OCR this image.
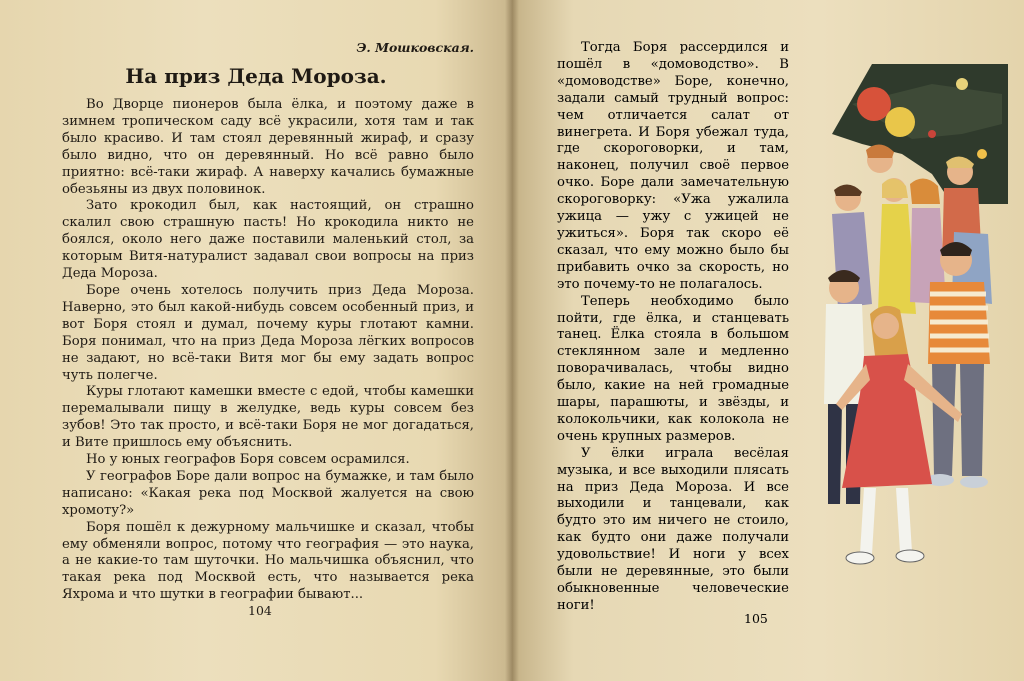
Э. Мошковская.
На приз Деда Мороза.

Во Дворце пионеров была ёлка, и поэтому даже в зимнем тропическом саду всё украсили, хотя там и так было красиво. И там стоял деревянный жираф, и сразу было видно, что он деревянный. Но всё равно было приятно: всё-таки жираф. А наверху качались бумажные обезьяны из двух половинок.

Зато крокодил был, как настоящий, он страшно скалил свою страшную пасть! Но крокодила никто не боялся, около него даже поставили маленький стол, за которым Витя-натуралист задавал свои вопросы на приз Деда Мороза.

Боре очень хотелось получить приз Деда Мороза. Наверно, это был какой-нибудь совсем особенный приз, и вот Боря стоял и думал, почему куры глотают камни. Боря понимал, что на приз Деда Мороза лёгких вопросов не задают, но всё-таки Витя мог бы ему задать вопрос чуть полегче.

Куры глотают камешки вместе с едой, чтобы камешки перемалывали пищу в желудке, ведь куры совсем без зубов! Это так просто, и всё-таки Боря не мог догадаться, и Вите пришлось ему объяснить.

Но у юных географов Боря совсем осрамился.

У географов Боре дали вопрос на бумажке, и там было написано: «Какая река под Москвой жалуется на свою хромоту?»

Боря пошёл к дежурному мальчишке и сказал, чтобы ему обменяли вопрос, потому что география — это наука, а не какие-то там шуточки. Но мальчишка объяснил, что такая река под Москвой есть, что называется река Яхрома и что шутки в географии бывают...

104

Тогда Боря рассердился и пошёл в «домоводство». В «домоводстве» Боре, конечно, задали самый трудный вопрос: чем отличается салат от винегрета. И Боря убежал туда, где скороговорки, и там, наконец, получил своё первое очко. Боре дали замечательную скороговорку: «Ужа ужалила ужица — ужу с ужицей не ужиться». Боря так скоро её сказал, что ему можно было бы прибавить очко за скорость, но это почему-то не полагалось.

Теперь необходимо было пойти, где ёлка, и станцевать танец. Ёлка стояла в большом стеклянном зале и медленно поворачивалась, чтобы видно было, какие на ней громадные шары, парашюты, и звёзды, и колокольчики, как колокола не очень крупных размеров.

У ёлки играла весёлая музыка, и все выходили плясать на приз Деда Мороза. И все выходили и танцевали, как будто это им ничего не стоило, как будто они даже получали удовольствие! И ноги у всех были не деревянные, это были обыкновенные человеческие ноги!

105
